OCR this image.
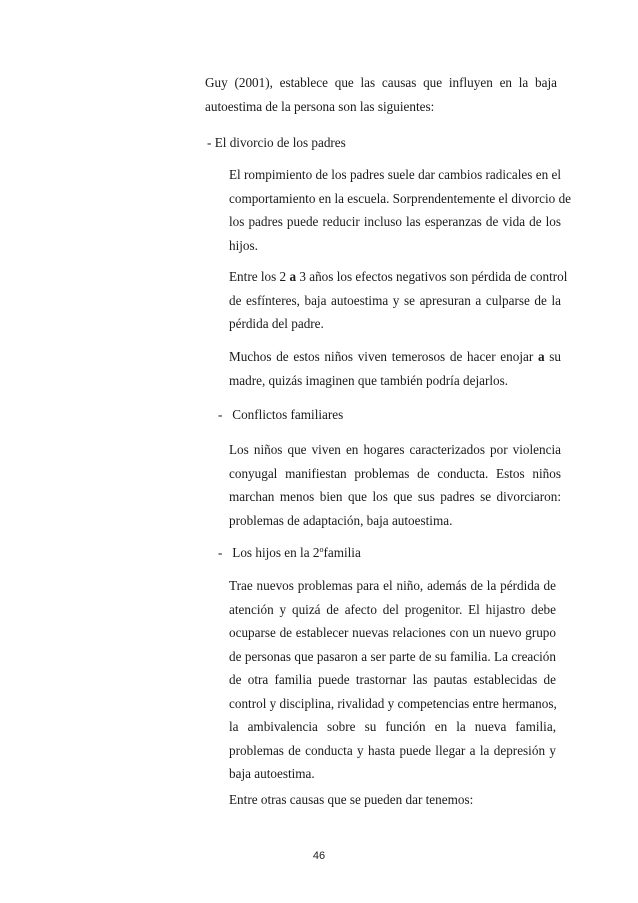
Guy (2001), establece que las causas que influyen en la baja
autoestima de la persona son las siguientes:
- El divorcio de los padres
El rompimiento de los padres suele dar cambios radicales en el
comportamiento en la escuela. Sorprendentemente el divorcio de
los padres puede reducir incluso las esperanzas de vida de los
hijos.
Entre los 2 a 3 años los efectos negativos son pérdida de control
de esfínteres, baja autoestima y se apresuran a culparse de la
pérdida del padre.
Muchos de estos niños viven temerosos de hacer enojar a su
madre, quizás imaginen que también podría dejarlos.
-   Conflictos familiares
Los niños que viven en hogares caracterizados por violencia
conyugal manifiestan problemas de conducta. Estos niños
marchan menos bien que los que sus padres se divorciaron:
problemas de adaptación, baja autoestima.
-   Los hijos en la 2$^o$familia
Trae nuevos problemas para el niño, además de la pérdida de
atención y quizá de afecto del progenitor. El hijastro debe
ocuparse de establecer nuevas relaciones con un nuevo grupo
de personas que pasaron a ser parte de su familia. La creación
de otra familia puede trastornar las pautas establecidas de
control y disciplina, rivalidad y competencias entre hermanos,
la ambivalencia sobre su función en la nueva familia,
problemas de conducta y hasta puede llegar a la depresión y
baja autoestima.
Entre otras causas que se pueden dar tenemos:
46
